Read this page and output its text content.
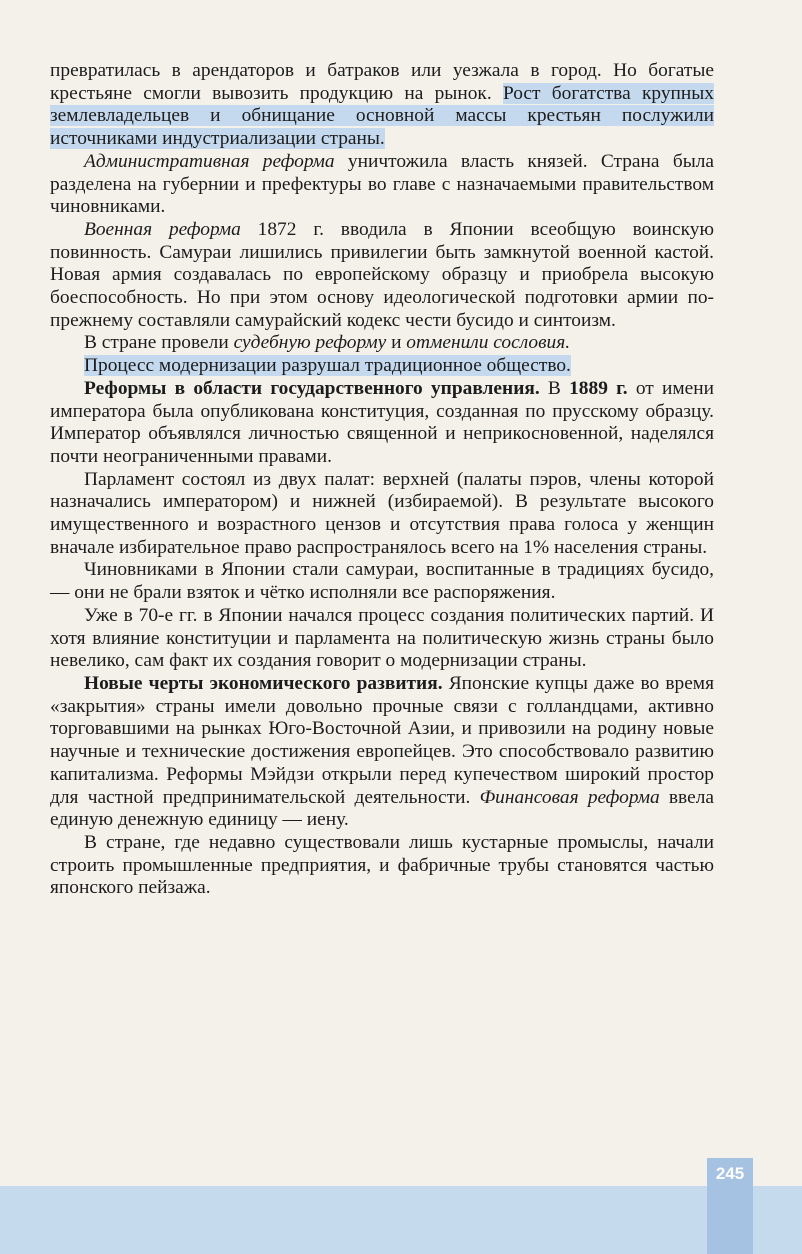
превратилась в арендаторов и батраков или уезжала в город. Но богатые крестьяне смогли вывозить продукцию на рынок. Рост богатства крупных землевладельцев и обнищание основной массы крестьян послужили источниками индустриализации страны.

Административная реформа уничтожила власть князей. Страна была разделена на губернии и префектуры во главе с назначаемыми правительством чиновниками.

Военная реформа 1872 г. вводила в Японии всеобщую воинскую повинность. Самураи лишились привилегии быть замкнутой военной кастой. Новая армия создавалась по европейскому образцу и приобрела высокую боеспособность. Но при этом основу идеологической подготовки армии по-прежнему составляли самурайский кодекс чести бусидо и синтоизм.

В стране провели судебную реформу и отменили сословия.

Процесс модернизации разрушал традиционное общество.

Реформы в области государственного управления. В 1889 г. от имени императора была опубликована конституция, созданная по прусскому образцу. Император объявлялся личностью священной и неприкосновенной, наделялся почти неограниченными правами.

Парламент состоял из двух палат: верхней (палаты пэров, члены которой назначались императором) и нижней (избираемой). В результате высокого имущественного и возрастного цензов и отсутствия права голоса у женщин вначале избирательное право распространялось всего на 1% населения страны.

Чиновниками в Японии стали самураи, воспитанные в традициях бусидо, — они не брали взяток и чётко исполняли все распоряжения.

Уже в 70-е гг. в Японии начался процесс создания политических партий. И хотя влияние конституции и парламента на политическую жизнь страны было невелико, сам факт их создания говорит о модернизации страны.

Новые черты экономического развития. Японские купцы даже во время «закрытия» страны имели довольно прочные связи с голландцами, активно торговавшими на рынках Юго-Восточной Азии, и привозили на родину новые научные и технические достижения европейцев. Это способствовало развитию капитализма. Реформы Мэйдзи открыли перед купечеством широкий простор для частной предпринимательской деятельности. Финансовая реформа ввела единую денежную единицу — иену.

В стране, где недавно существовали лишь кустарные промыслы, начали строить промышленные предприятия, и фабричные трубы становятся частью японского пейзажа.

245
